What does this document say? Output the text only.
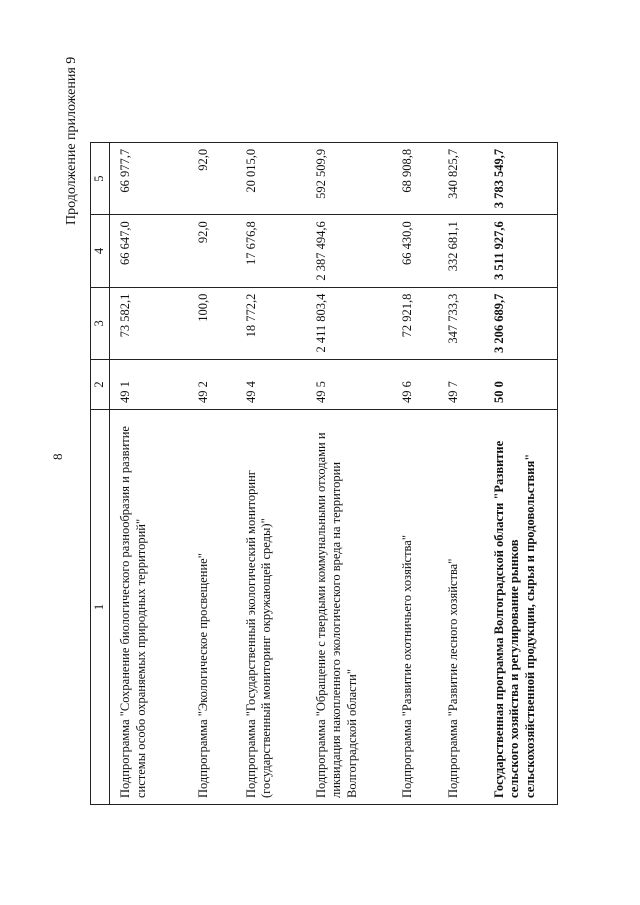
8
Продолжение приложения 9
1	2	3	4	5
Подпрограмма "Сохранение биологического разнообразия и развитие системы особо охраняемых природных территорий"	49 1	73 582,1	66 647,0	66 977,7
Подпрограмма "Экологическое просвещение"	49 2	100,0	92,0	92,0
Подпрограмма "Государственный экологический мониторинг (государственный мониторинг окружающей среды)"	49 4	18 772,2	17 676,8	20 015,0
Подпрограмма "Обращение с твердыми коммунальными отходами и ликвидация накопленного экологического вреда на территории Волгоградской области"	49 5	2 411 803,4	2 387 494,6	592 509,9
Подпрограмма "Развитие охотничьего хозяйства"	49 6	72 921,8	66 430,0	68 908,8
Подпрограмма "Развитие лесного хозяйства"	49 7	347 733,3	332 681,1	340 825,7
Государственная программа Волгоградской области "Развитие сельского хозяйства и регулирование рынков сельскохозяйственной продукции, сырья и продовольствия"	50 0	3 206 689,7	3 511 927,6	3 783 549,7
